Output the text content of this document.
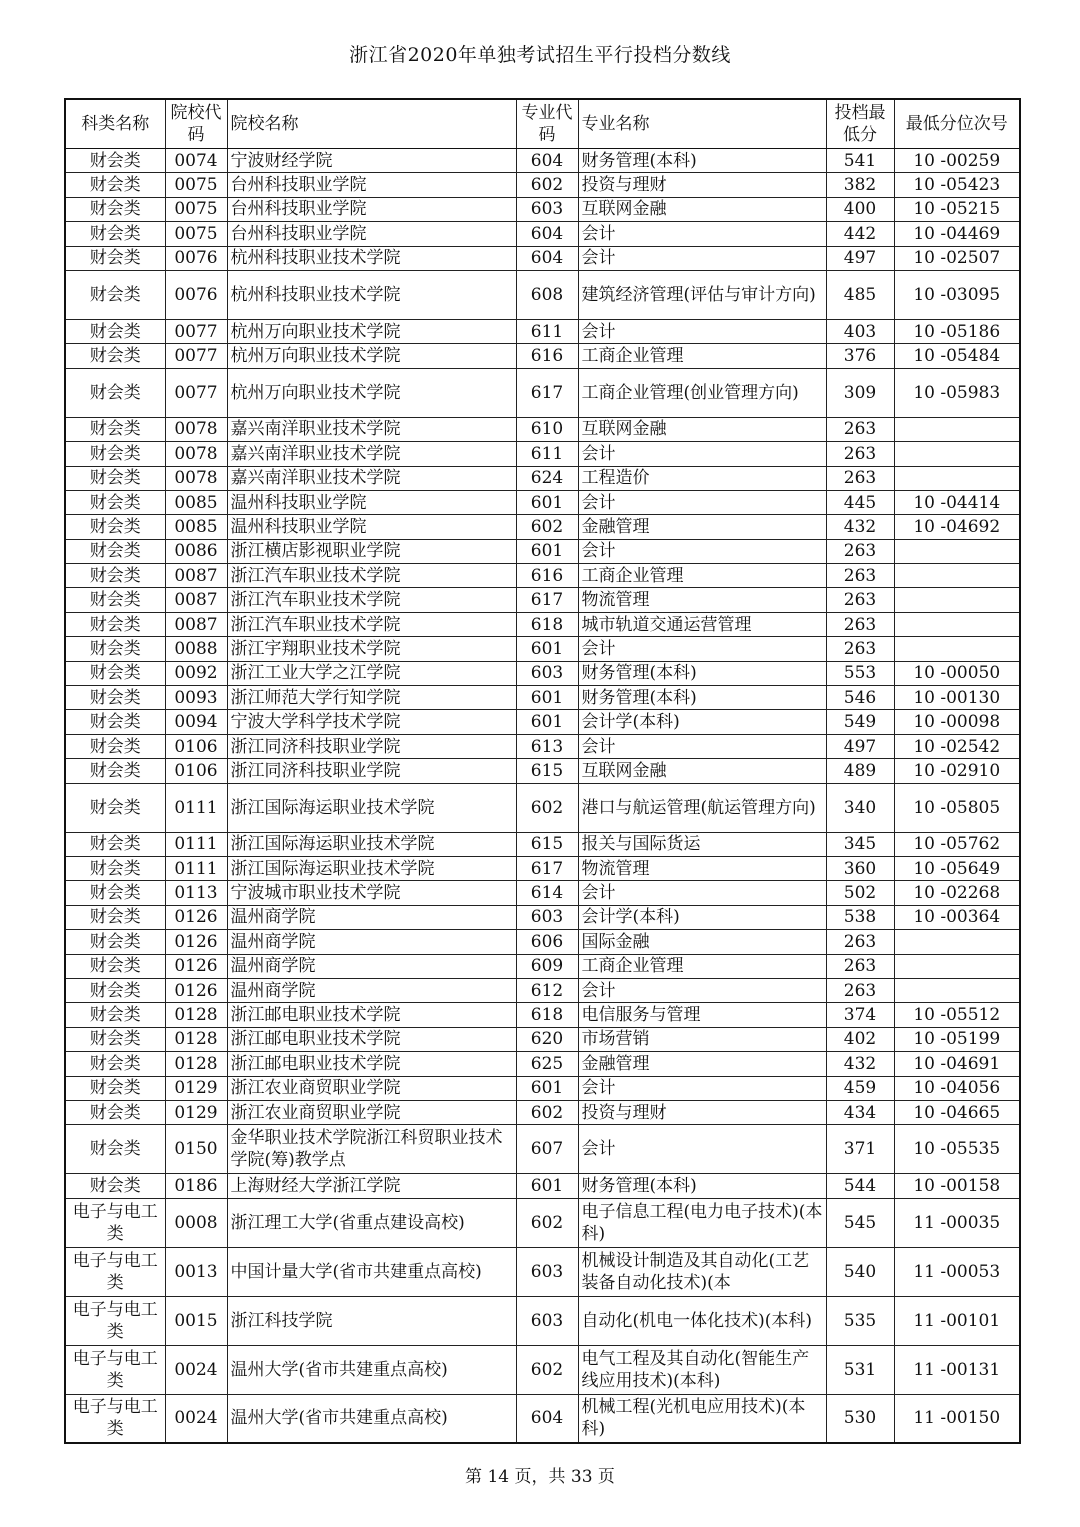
浙江省2020年单独考试招生平行投档分数线
科类名称	院校代码	院校名称	专业代码	专业名称	投档最低分	最低分位次号
财会类	0074	宁波财经学院	604	财务管理(本科)	541	10 -00259
财会类	0075	台州科技职业学院	602	投资与理财	382	10 -05423
财会类	0075	台州科技职业学院	603	互联网金融	400	10 -05215
财会类	0075	台州科技职业学院	604	会计	442	10 -04469
财会类	0076	杭州科技职业技术学院	604	会计	497	10 -02507
财会类	0076	杭州科技职业技术学院	608	建筑经济管理(评估与审计方向)	485	10 -03095
财会类	0077	杭州万向职业技术学院	611	会计	403	10 -05186
财会类	0077	杭州万向职业技术学院	616	工商企业管理	376	10 -05484
财会类	0077	杭州万向职业技术学院	617	工商企业管理(创业管理方向)	309	10 -05983
财会类	0078	嘉兴南洋职业技术学院	610	互联网金融	263	
财会类	0078	嘉兴南洋职业技术学院	611	会计	263	
财会类	0078	嘉兴南洋职业技术学院	624	工程造价	263	
财会类	0085	温州科技职业学院	601	会计	445	10 -04414
财会类	0085	温州科技职业学院	602	金融管理	432	10 -04692
财会类	0086	浙江横店影视职业学院	601	会计	263	
财会类	0087	浙江汽车职业技术学院	616	工商企业管理	263	
财会类	0087	浙江汽车职业技术学院	617	物流管理	263	
财会类	0087	浙江汽车职业技术学院	618	城市轨道交通运营管理	263	
财会类	0088	浙江宇翔职业技术学院	601	会计	263	
财会类	0092	浙江工业大学之江学院	603	财务管理(本科)	553	10 -00050
财会类	0093	浙江师范大学行知学院	601	财务管理(本科)	546	10 -00130
财会类	0094	宁波大学科学技术学院	601	会计学(本科)	549	10 -00098
财会类	0106	浙江同济科技职业学院	613	会计	497	10 -02542
财会类	0106	浙江同济科技职业学院	615	互联网金融	489	10 -02910
财会类	0111	浙江国际海运职业技术学院	602	港口与航运管理(航运管理方向)	340	10 -05805
财会类	0111	浙江国际海运职业技术学院	615	报关与国际货运	345	10 -05762
财会类	0111	浙江国际海运职业技术学院	617	物流管理	360	10 -05649
财会类	0113	宁波城市职业技术学院	614	会计	502	10 -02268
财会类	0126	温州商学院	603	会计学(本科)	538	10 -00364
财会类	0126	温州商学院	606	国际金融	263	
财会类	0126	温州商学院	609	工商企业管理	263	
财会类	0126	温州商学院	612	会计	263	
财会类	0128	浙江邮电职业技术学院	618	电信服务与管理	374	10 -05512
财会类	0128	浙江邮电职业技术学院	620	市场营销	402	10 -05199
财会类	0128	浙江邮电职业技术学院	625	金融管理	432	10 -04691
财会类	0129	浙江农业商贸职业学院	601	会计	459	10 -04056
财会类	0129	浙江农业商贸职业学院	602	投资与理财	434	10 -04665
财会类	0150	金华职业技术学院浙江科贸职业技术学院(筹)教学点	607	会计	371	10 -05535
财会类	0186	上海财经大学浙江学院	601	财务管理(本科)	544	10 -00158
电子与电工类	0008	浙江理工大学(省重点建设高校)	602	电子信息工程(电力电子技术)(本科)	545	11 -00035
电子与电工类	0013	中国计量大学(省市共建重点高校)	603	机械设计制造及其自动化(工艺装备自动化技术)(本	540	11 -00053
电子与电工类	0015	浙江科技学院	603	自动化(机电一体化技术)(本科)	535	11 -00101
电子与电工类	0024	温州大学(省市共建重点高校)	602	电气工程及其自动化(智能生产线应用技术)(本科)	531	11 -00131
电子与电工类	0024	温州大学(省市共建重点高校)	604	机械工程(光机电应用技术)(本科)	530	11 -00150
第 14 页，共 33 页
